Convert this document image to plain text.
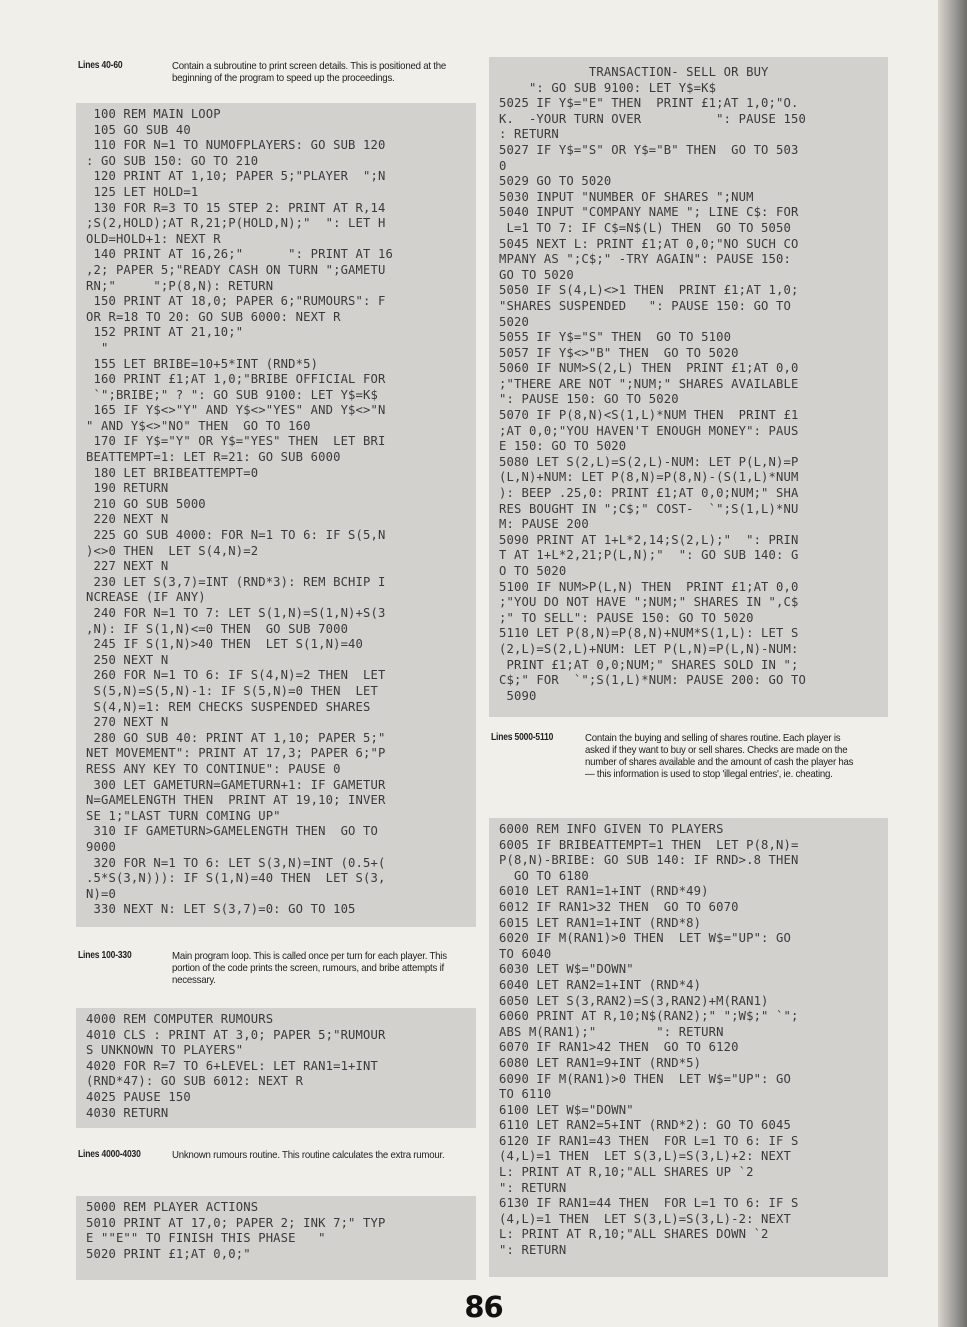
Lines 40-60	Contain a subroutine to print screen details. This is positioned at the beginning of the program to speed up the proceedings.
100 REM MAIN LOOP
105 GO SUB 40
110 FOR N=1 TO NUMOFPLAYERS: GO SUB 120
: GO SUB 150: GO TO 210
120 PRINT AT 1,10; PAPER 5;"PLAYER  ";N
125 LET HOLD=1
130 FOR R=3 TO 15 STEP 2: PRINT AT R,14
;S(2,HOLD);AT R,21;P(HOLD,N);"  ": LET H
OLD=HOLD+1: NEXT R
140 PRINT AT 16,26;"      ": PRINT AT 16
,2; PAPER 5;"READY CASH ON TURN ";GAMETU
RN;"     ";P(8,N): RETURN
150 PRINT AT 18,0; PAPER 6;"RUMOURS": F
OR R=18 TO 20: GO SUB 6000: NEXT R
152 PRINT AT 21,10;"
"
155 LET BRIBE=10+5*INT (RND*5)
160 PRINT £1;AT 1,0;"BRIBE OFFICIAL FOR
`";BRIBE;" ? ": GO SUB 9100: LET Y$=K$
165 IF Y$<>"Y" AND Y$<>"YES" AND Y$<>"N
" AND Y$<>"NO" THEN  GO TO 160
170 IF Y$="Y" OR Y$="YES" THEN  LET BRI
BEATTEMPT=1: LET R=21: GO SUB 6000
180 LET BRIBEATTEMPT=0
190 RETURN
210 GO SUB 5000
220 NEXT N
225 GO SUB 4000: FOR N=1 TO 6: IF S(5,N
)<>0 THEN  LET S(4,N)=2
227 NEXT N
230 LET S(3,7)=INT (RND*3): REM BCHIP I
NCREASE (IF ANY)
240 FOR N=1 TO 7: LET S(1,N)=S(1,N)+S(3
,N): IF S(1,N)<=0 THEN  GO SUB 7000
245 IF S(1,N)>40 THEN  LET S(1,N)=40
250 NEXT N
260 FOR N=1 TO 6: IF S(4,N)=2 THEN  LET
S(5,N)=S(5,N)-1: IF S(5,N)=0 THEN  LET
S(4,N)=1: REM CHECKS SUSPENDED SHARES
270 NEXT N
280 GO SUB 40: PRINT AT 1,10; PAPER 5;"
NET MOVEMENT": PRINT AT 17,3; PAPER 6;"P
RESS ANY KEY TO CONTINUE": PAUSE 0
300 LET GAMETURN=GAMETURN+1: IF GAMETUR
N=GAMELENGTH THEN  PRINT AT 19,10; INVER
SE 1;"LAST TURN COMING UP"
310 IF GAMETURN>GAMELENGTH THEN  GO TO
9000
320 FOR N=1 TO 6: LET S(3,N)=INT (0.5+(
.5*S(3,N))): IF S(1,N)=40 THEN  LET S(3,
N)=0
330 NEXT N: LET S(3,7)=0: GO TO 105
Lines 100-330	Main program loop. This is called once per turn for each player. This portion of the code prints the screen, rumours, and bribe attempts if necessary.
4000 REM COMPUTER RUMOURS
4010 CLS : PRINT AT 3,0; PAPER 5;"RUMOUR
S UNKNOWN TO PLAYERS"
4020 FOR R=7 TO 6+LEVEL: LET RAN1=1+INT
(RND*47): GO SUB 6012: NEXT R
4025 PAUSE 150
4030 RETURN
Lines 4000-4030	Unknown rumours routine. This routine calculates the extra rumour.
5000 REM PLAYER ACTIONS
5010 PRINT AT 17,0; PAPER 2; INK 7;" TYP
E ""E"" TO FINISH THIS PHASE   "
5020 PRINT £1;AT 0,0;"
TRANSACTION- SELL OR BUY
": GO SUB 9100: LET Y$=K$
5025 IF Y$="E" THEN  PRINT £1;AT 1,0;"O.
K.  -YOUR TURN OVER          ": PAUSE 150
: RETURN
5027 IF Y$="S" OR Y$="B" THEN  GO TO 503
0
5029 GO TO 5020
5030 INPUT "NUMBER OF SHARES ";NUM
5040 INPUT "COMPANY NAME "; LINE C$: FOR
L=1 TO 7: IF C$=N$(L) THEN  GO TO 5050
5045 NEXT L: PRINT £1;AT 0,0;"NO SUCH CO
MPANY AS ";C$;" -TRY AGAIN": PAUSE 150:
GO TO 5020
5050 IF S(4,L)<>1 THEN  PRINT £1;AT 1,0;
"SHARES SUSPENDED   ": PAUSE 150: GO TO
5020
5055 IF Y$="S" THEN  GO TO 5100
5057 IF Y$<>"B" THEN  GO TO 5020
5060 IF NUM>S(2,L) THEN  PRINT £1;AT 0,0
;"THERE ARE NOT ";NUM;" SHARES AVAILABLE
": PAUSE 150: GO TO 5020
5070 IF P(8,N)<S(1,L)*NUM THEN  PRINT £1
;AT 0,0;"YOU HAVEN'T ENOUGH MONEY": PAUS
E 150: GO TO 5020
5080 LET S(2,L)=S(2,L)-NUM: LET P(L,N)=P
(L,N)+NUM: LET P(8,N)=P(8,N)-(S(1,L)*NUM
): BEEP .25,0: PRINT £1;AT 0,0;NUM;" SHA
RES BOUGHT IN ";C$;" COST-  `";S(1,L)*NU
M: PAUSE 200
5090 PRINT AT 1+L*2,14;S(2,L);"  ": PRIN
T AT 1+L*2,21;P(L,N);"  ": GO SUB 140: G
O TO 5020
5100 IF NUM>P(L,N) THEN  PRINT £1;AT 0,0
;"YOU DO NOT HAVE ";NUM;" SHARES IN ",C$
;" TO SELL": PAUSE 150: GO TO 5020
5110 LET P(8,N)=P(8,N)+NUM*S(1,L): LET S
(2,L)=S(2,L)+NUM: LET P(L,N)=P(L,N)-NUM:
PRINT £1;AT 0,0;NUM;" SHARES SOLD IN ";
C$;" FOR  `";S(1,L)*NUM: PAUSE 200: GO TO
5090
Lines 5000-5110	Contain the buying and selling of shares routine. Each player is asked if they want to buy or sell shares. Checks are made on the number of shares available and the amount of cash the player has — this information is used to stop 'illegal entries', ie. cheating.
6000 REM INFO GIVEN TO PLAYERS
6005 IF BRIBEATTEMPT=1 THEN  LET P(8,N)=
P(8,N)-BRIBE: GO SUB 140: IF RND>.8 THEN
GO TO 6180
6010 LET RAN1=1+INT (RND*49)
6012 IF RAN1>32 THEN  GO TO 6070
6015 LET RAN1=1+INT (RND*8)
6020 IF M(RAN1)>0 THEN  LET W$="UP": GO
TO 6040
6030 LET W$="DOWN"
6040 LET RAN2=1+INT (RND*4)
6050 LET S(3,RAN2)=S(3,RAN2)+M(RAN1)
6060 PRINT AT R,10;N$(RAN2);" ";W$;" `";
ABS M(RAN1);"        ": RETURN
6070 IF RAN1>42 THEN  GO TO 6120
6080 LET RAN1=9+INT (RND*5)
6090 IF M(RAN1)>0 THEN  LET W$="UP": GO
TO 6110
6100 LET W$="DOWN"
6110 LET RAN2=5+INT (RND*2): GO TO 6045
6120 IF RAN1=43 THEN  FOR L=1 TO 6: IF S
(4,L)=1 THEN  LET S(3,L)=S(3,L)+2: NEXT
L: PRINT AT R,10;"ALL SHARES UP `2
": RETURN
6130 IF RAN1=44 THEN  FOR L=1 TO 6: IF S
(4,L)=1 THEN  LET S(3,L)=S(3,L)-2: NEXT
L: PRINT AT R,10;"ALL SHARES DOWN `2
": RETURN
86
